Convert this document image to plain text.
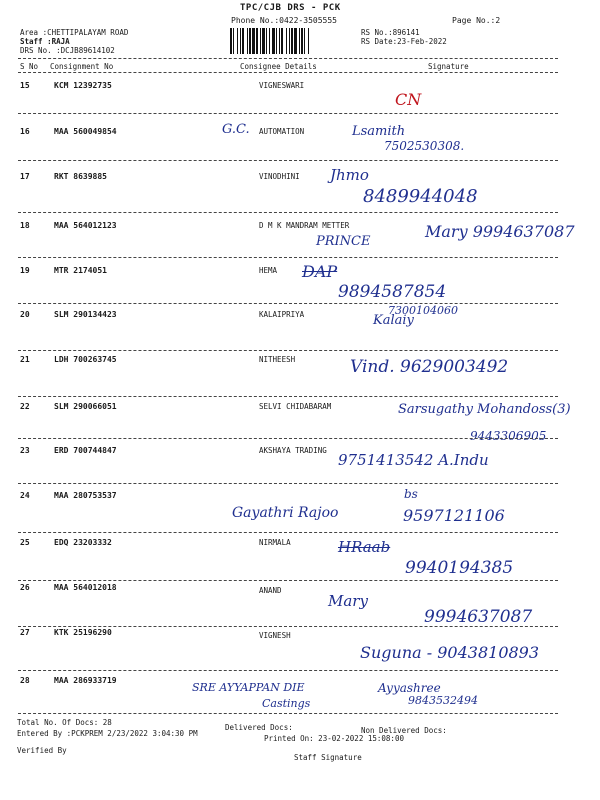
TPC/CJB DRS - PCK
Phone No.:0422-3505555	Page No.:2
Area :CHETTIPALAYAM ROAD
Staff :RAJA
DRS No. :DCJB89614102
RS No.:896141
RS Date:23-Feb-2022
S No Consignment No	Consignee Details	Signature
15	KCM 12392735	VIGNESWARI
CN
16	MAA 560049854	G.C. AUTOMATION	Lsamith
7502530308.
17	RKT 8639885	VINODHINI Jhmo
8489944048
18	MAA 564012123	D M K MANDRAM METTER
PRINCE
Mary 9994637087
19	MTR 2174051	HEMA DAP
9894587854
20	SLM 290134423	KALAIPRIYA	Kalaiy
7300104060
21	LDH 700263745	NITHEESH	Vind. 9629003492
22	SLM 290066051	SELVI CHIDABARAM	Sarsugathy Mohandoss(3)
9443306905
23	ERD 700744847	AKSHAYA TRADING
9751413542 A.Indu
24	MAA 280753537
Gayathri Rajoo
bs
9597121106
25	EDQ 23203332	NIRMALA	HRaab
9940194385
26	MAA 564012018	ANAND
Mary
9994637087
27	KTK 25196290	VIGNESH
Suguna - 9043810893
28	MAA 286933719
SRE AYYAPPAN DIE
Castings
Ayyashree
9843532494
Total No. Of Docs: 28
Entered By :PCKPREM 2/23/2022 3:04:30 PM
Delivered Docs:	Non Delivered Docs:
Printed On: 23-02-2022 15:08:00
Verified By
Staff Signature
